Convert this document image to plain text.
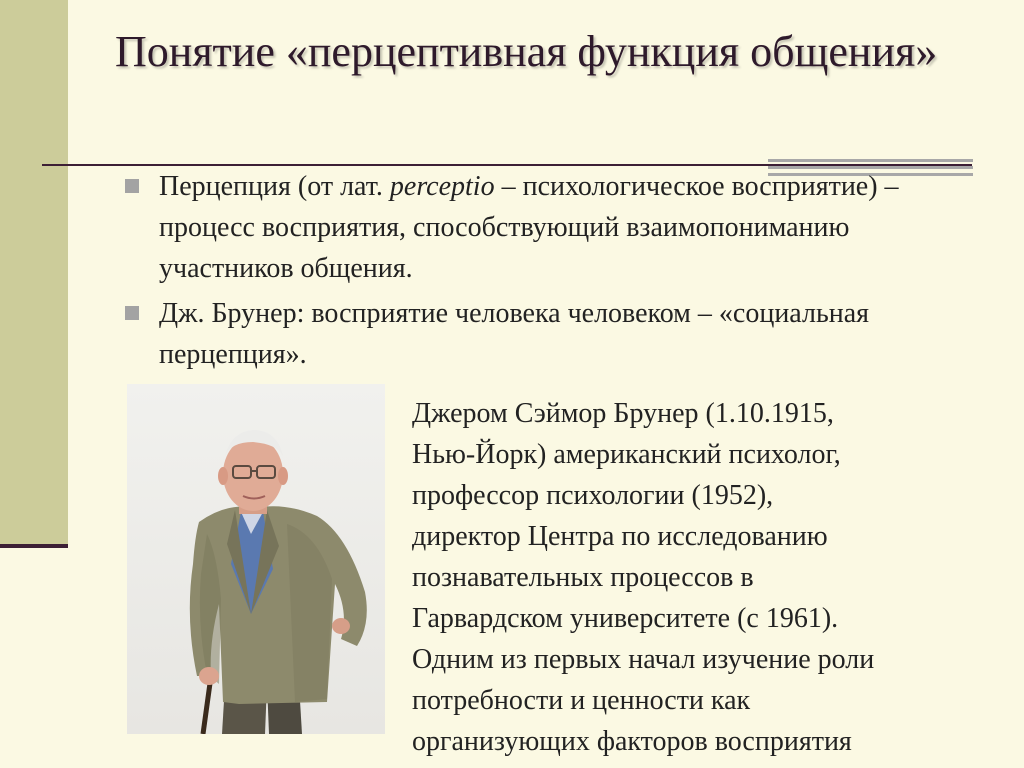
Понятие «перцептивная функция общения»
Перцепция (от лат. perceptio – психологическое восприятие) – процесс восприятия, способствующий взаимопониманию участников общения.
Дж. Брунер: восприятие человека человеком – «социальная перцепция».
Джером Сэймор Брунер (1.10.1915,
Нью-Йорк) американский психолог,
профессор психологии (1952),
директор Центра по исследованию
познавательных процессов в
Гарвардском университете (с 1961).
Одним из первых начал изучение роли
потребности и ценности как
организующих факторов восприятия
